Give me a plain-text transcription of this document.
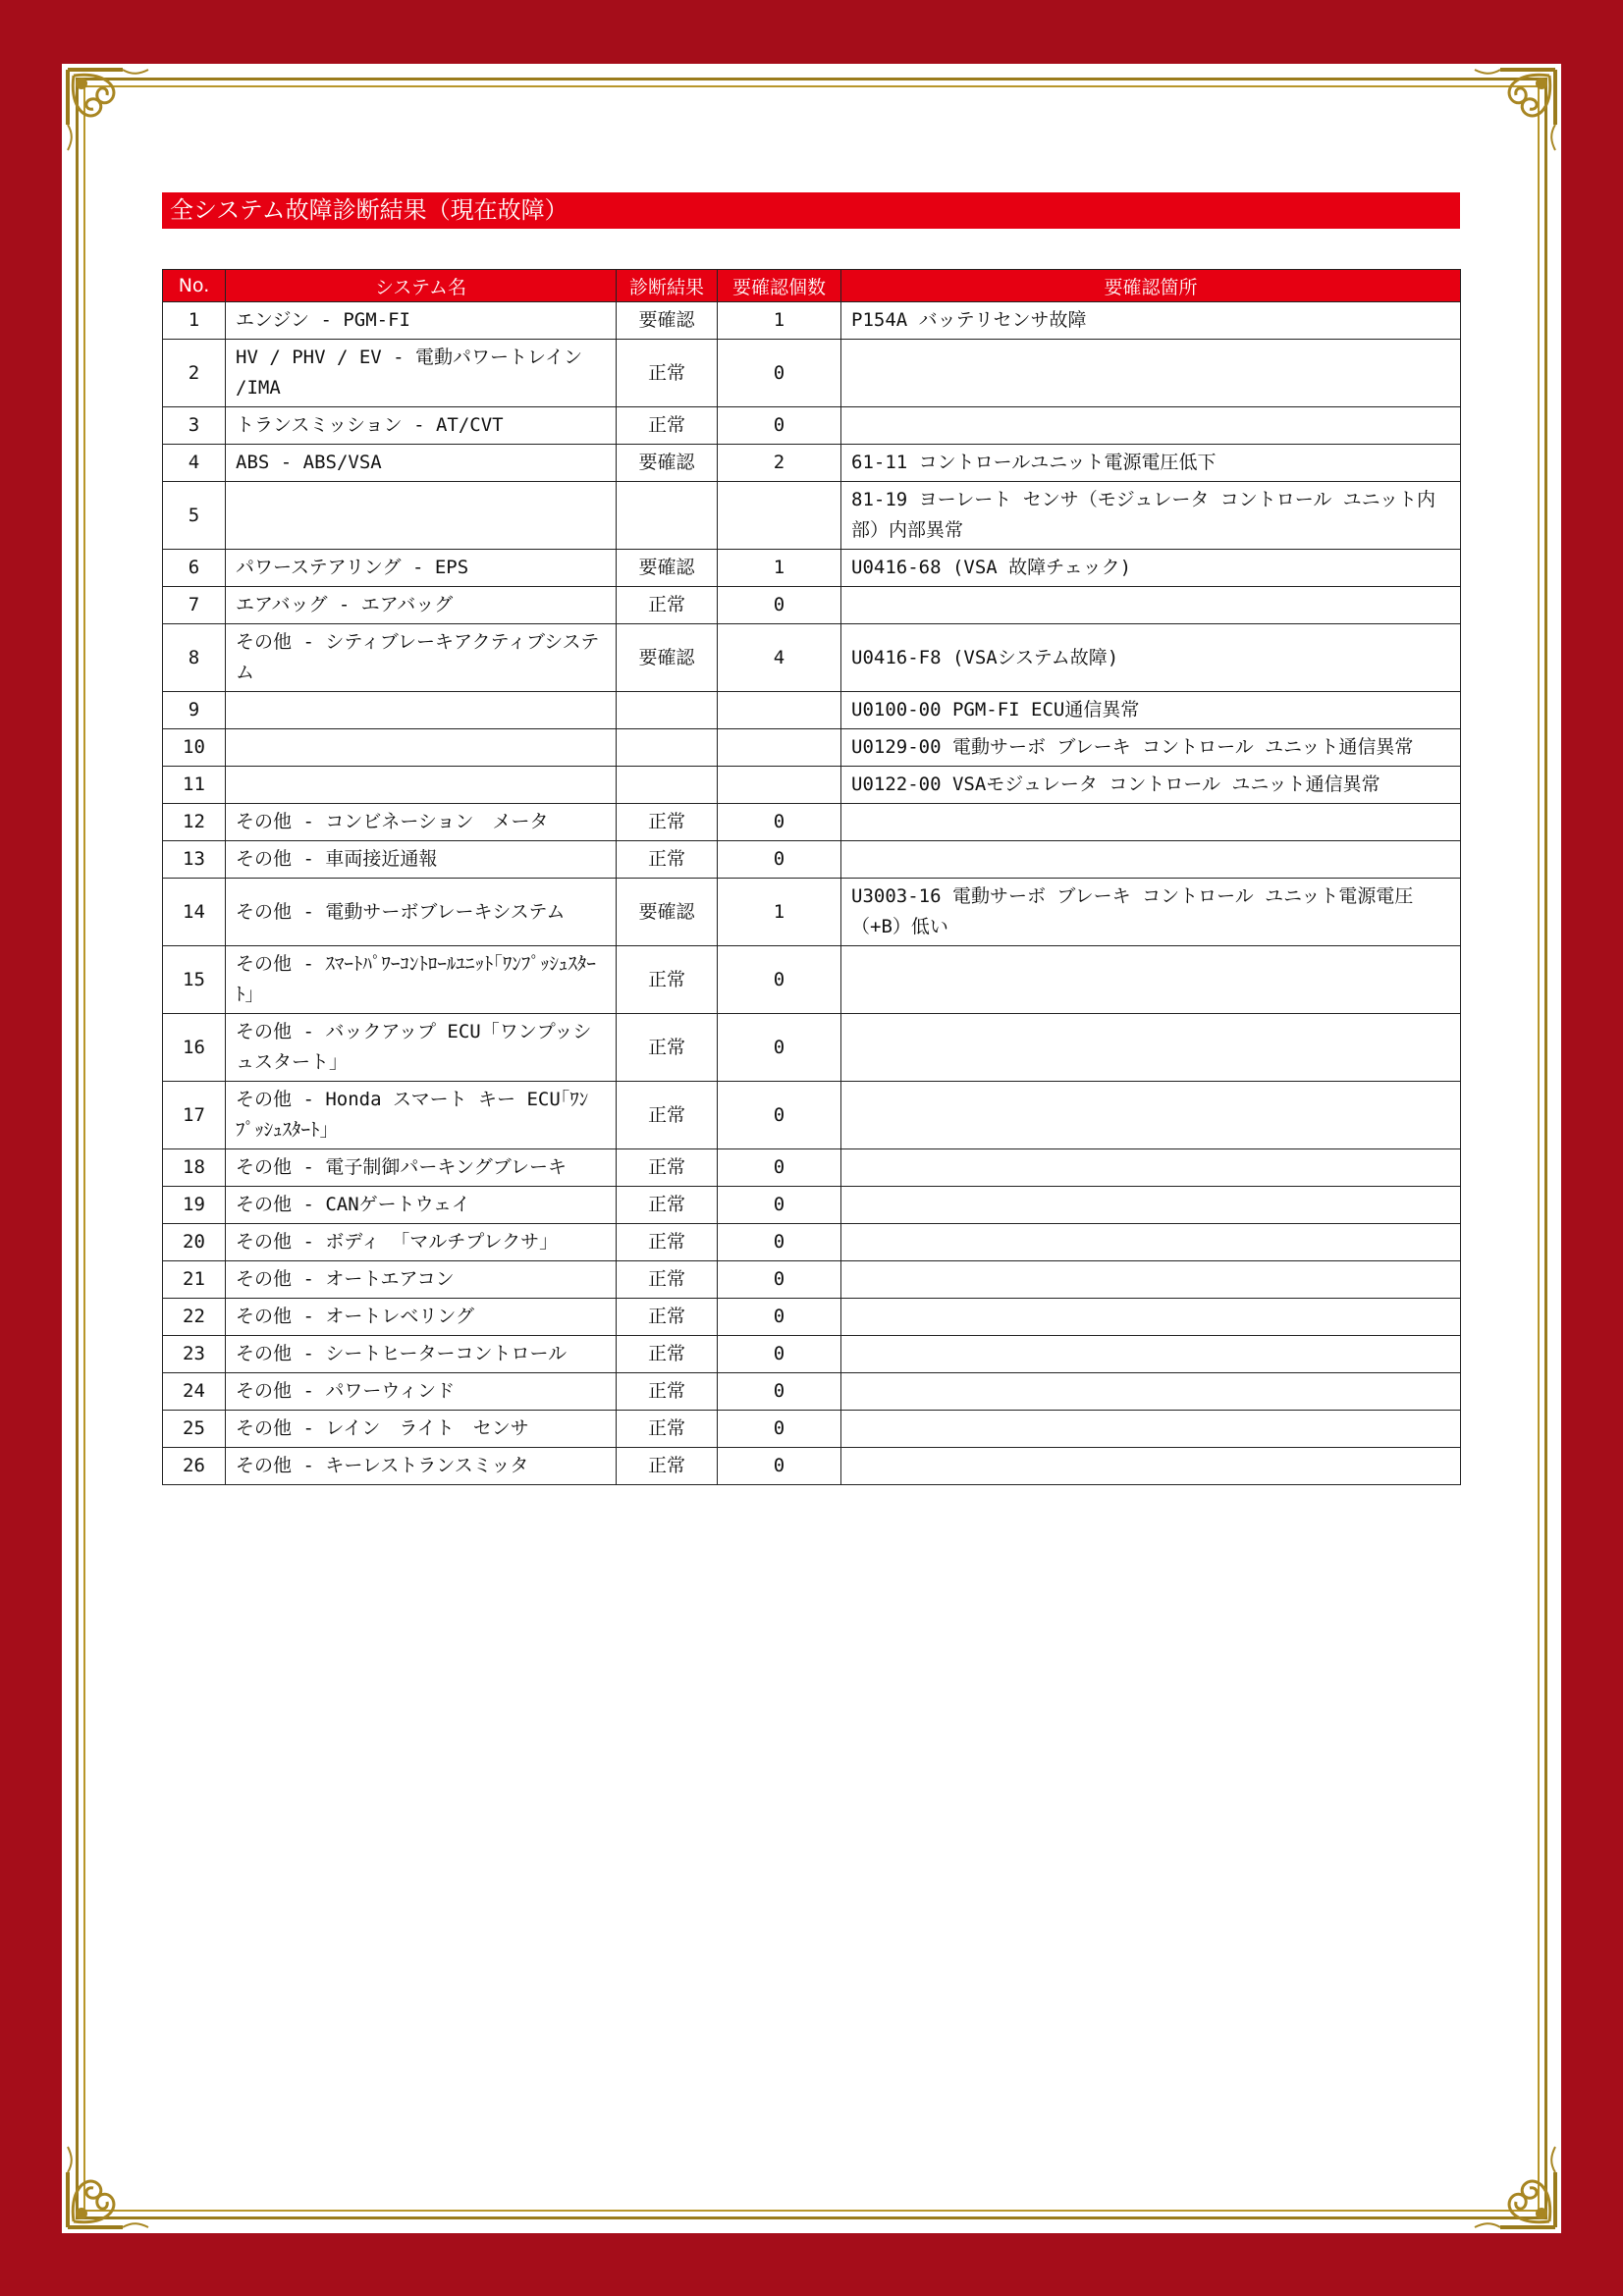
全システム故障診断結果（現在故障）
No.	システム名	診断結果	要確認個数	要確認箇所
1	エンジン - PGM-FI	要確認	1	P154A バッテリセンサ故障
2	HV / PHV / EV - 電動パワートレイン /IMA	正常	0	
3	トランスミッション - AT/CVT	正常	0	
4	ABS - ABS/VSA	要確認	2	61-11 コントロールユニット電源電圧低下
5				81-19 ヨーレート センサ（モジュレータ コントロール ユニット内部）内部異常
6	パワーステアリング - EPS	要確認	1	U0416-68 (VSA 故障チェック)
7	エアバッグ - エアバッグ	正常	0	
8	その他 - シティブレーキアクティブシステム	要確認	4	U0416-F8 (VSAシステム故障)
9				U0100-00 PGM-FI ECU通信異常
10				U0129-00 電動サーボ ブレーキ コントロール ユニット通信異常
11				U0122-00 VSAモジュレータ コントロール ユニット通信異常
12	その他 - コンビネーション　メータ	正常	0	
13	その他 - 車両接近通報	正常	0	
14	その他 - 電動サーボブレーキシステム	要確認	1	U3003-16 電動サーボ ブレーキ コントロール ユニット電源電圧（+B）低い
15	その他 - ｽﾏｰﾄﾊﾟﾜｰｺﾝﾄﾛｰﾙﾕﾆｯﾄ｢ﾜﾝﾌﾟｯｼｭｽﾀｰﾄ｣	正常	0	
16	その他 - バックアップ ECU「ワンプッシュスタート」	正常	0	
17	その他 - Honda スマート キー ECU｢ﾜﾝﾌﾟｯｼｭｽﾀｰﾄ｣	正常	0	
18	その他 - 電子制御パーキングブレーキ	正常	0	
19	その他 - CANゲートウェイ	正常	0	
20	その他 - ボディ 「マルチプレクサ」	正常	0	
21	その他 - オートエアコン	正常	0	
22	その他 - オートレベリング	正常	0	
23	その他 - シートヒーターコントロール	正常	0	
24	その他 - パワーウィンド	正常	0	
25	その他 - レイン　ライト　センサ	正常	0	
26	その他 - キーレストランスミッタ	正常	0	
